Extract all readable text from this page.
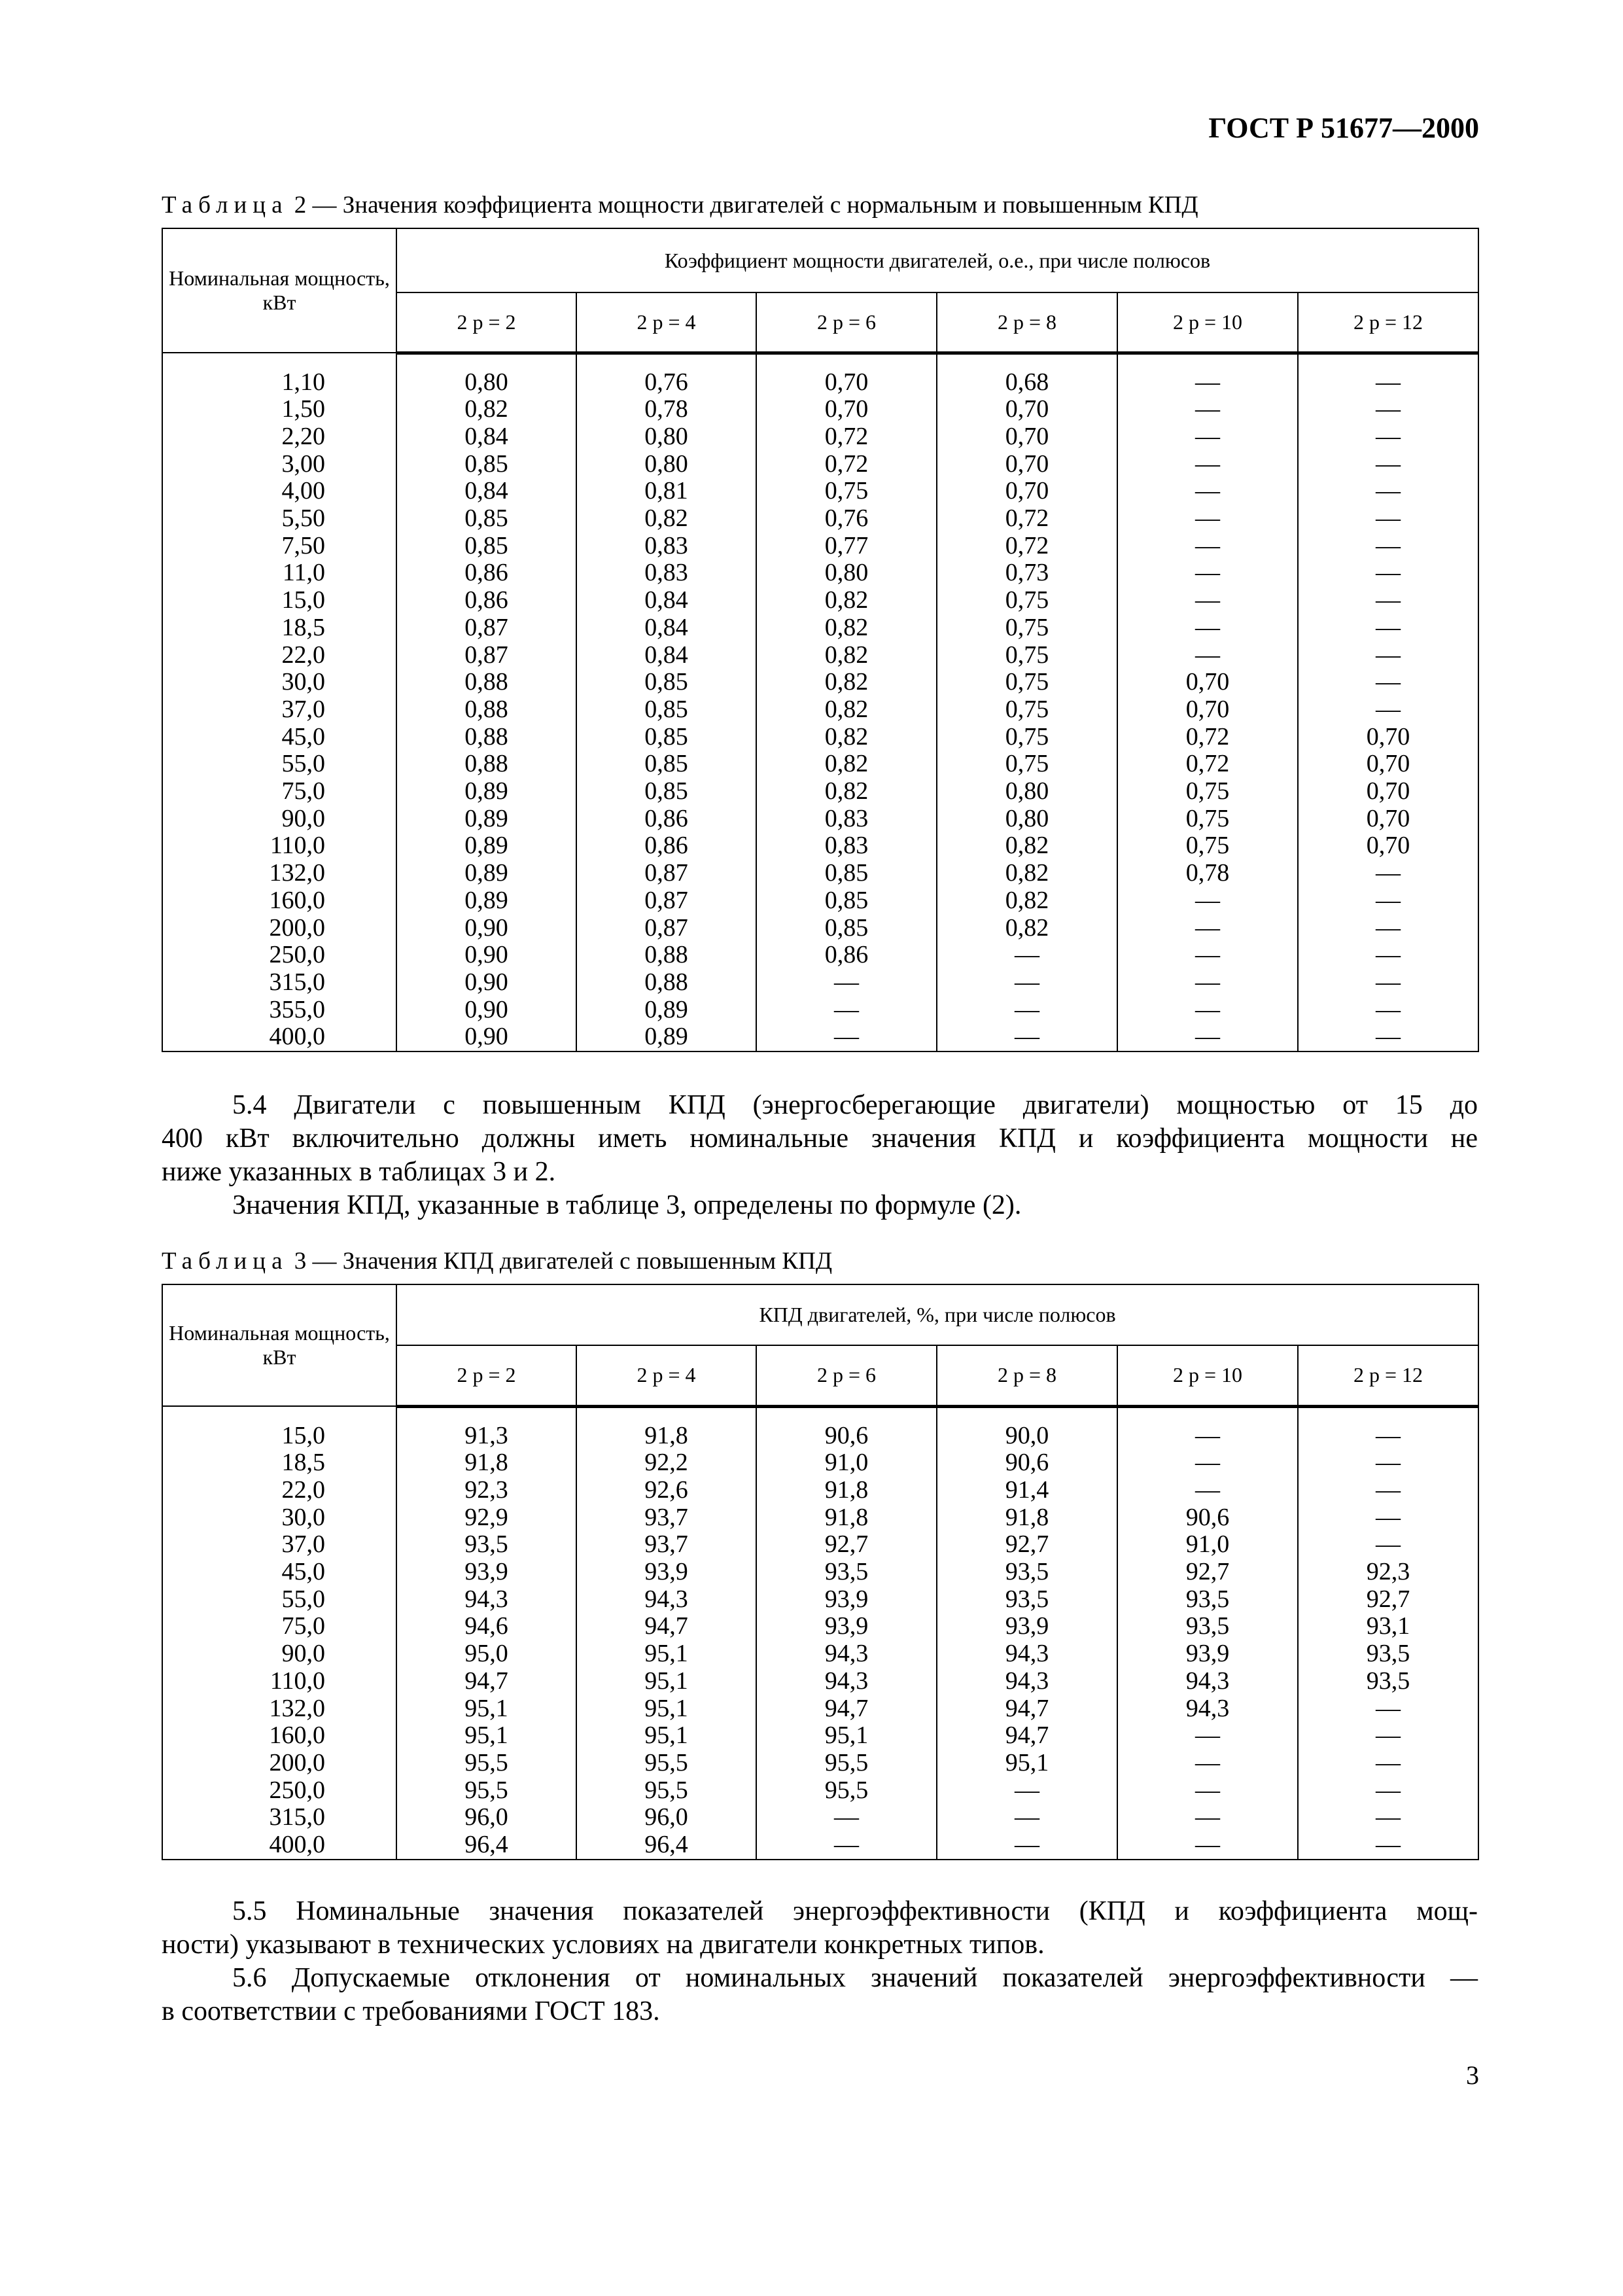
ГОСТ Р 51677—2000
Таблица 2 — Значения коэффициента мощности двигателей с нормальным и повышенным КПД
Номинальная мощность, кВт	Коэффициент мощности двигателей, о.е., при числе полюсов					
	2 p = 2	2 p = 4	2 p = 6	2 p = 8	2 p = 10	2 p = 12

1,10	0,80	0,76	0,70	0,68	—	—
1,50	0,82	0,78	0,70	0,70	—	—
2,20	0,84	0,80	0,72	0,70	—	—
3,00	0,85	0,80	0,72	0,70	—	—
4,00	0,84	0,81	0,75	0,70	—	—
5,50	0,85	0,82	0,76	0,72	—	—
7,50	0,85	0,83	0,77	0,72	—	—
11,0	0,86	0,83	0,80	0,73	—	—
15,0	0,86	0,84	0,82	0,75	—	—
18,5	0,87	0,84	0,82	0,75	—	—
22,0	0,87	0,84	0,82	0,75	—	—
30,0	0,88	0,85	0,82	0,75	0,70	—
37,0	0,88	0,85	0,82	0,75	0,70	—
45,0	0,88	0,85	0,82	0,75	0,72	0,70
55,0	0,88	0,85	0,82	0,75	0,72	0,70
75,0	0,89	0,85	0,82	0,80	0,75	0,70
90,0	0,89	0,86	0,83	0,80	0,75	0,70
110,0	0,89	0,86	0,83	0,82	0,75	0,70
132,0	0,89	0,87	0,85	0,82	0,78	—
160,0	0,89	0,87	0,85	0,82	—	—
200,0	0,90	0,87	0,85	0,82	—	—
250,0	0,90	0,88	0,86	—	—	—
315,0	0,90	0,88	—	—	—	—
355,0	0,90	0,89	—	—	—	—
400,0	0,90	0,89	—	—	—	—

5.4 Двигатели с повышенным КПД (энергосберегающие двигатели) мощностью от 15 до

400 кВт включительно должны иметь номинальные значения КПД и коэффициента мощности не

ниже указанных в таблицах 3 и 2.

Значения КПД, указанные в таблице 3, определены по формуле (2).

Таблица 3 — Значения КПД двигателей с повышенным КПД
Номинальная мощность, кВт	КПД двигателей, %, при числе полюсов					
	2 p = 2	2 p = 4	2 p = 6	2 p = 8	2 p = 10	2 p = 12

15,0	91,3	91,8	90,6	90,0	—	—
18,5	91,8	92,2	91,0	90,6	—	—
22,0	92,3	92,6	91,8	91,4	—	—
30,0	92,9	93,7	91,8	91,8	90,6	—
37,0	93,5	93,7	92,7	92,7	91,0	—
45,0	93,9	93,9	93,5	93,5	92,7	92,3
55,0	94,3	94,3	93,9	93,5	93,5	92,7
75,0	94,6	94,7	93,9	93,9	93,5	93,1
90,0	95,0	95,1	94,3	94,3	93,9	93,5
110,0	94,7	95,1	94,3	94,3	94,3	93,5
132,0	95,1	95,1	94,7	94,7	94,3	—
160,0	95,1	95,1	95,1	94,7	—	—
200,0	95,5	95,5	95,5	95,1	—	—
250,0	95,5	95,5	95,5	—	—	—
315,0	96,0	96,0	—	—	—	—
400,0	96,4	96,4	—	—	—	—

5.5 Номинальные значения показателей энергоэффективности (КПД и коэффициента мощ-

ности) указывают в технических условиях на двигатели конкретных типов.

5.6 Допускаемые отклонения от номинальных значений показателей энергоэффективности —

в соответствии с требованиями ГОСТ 183.

3
